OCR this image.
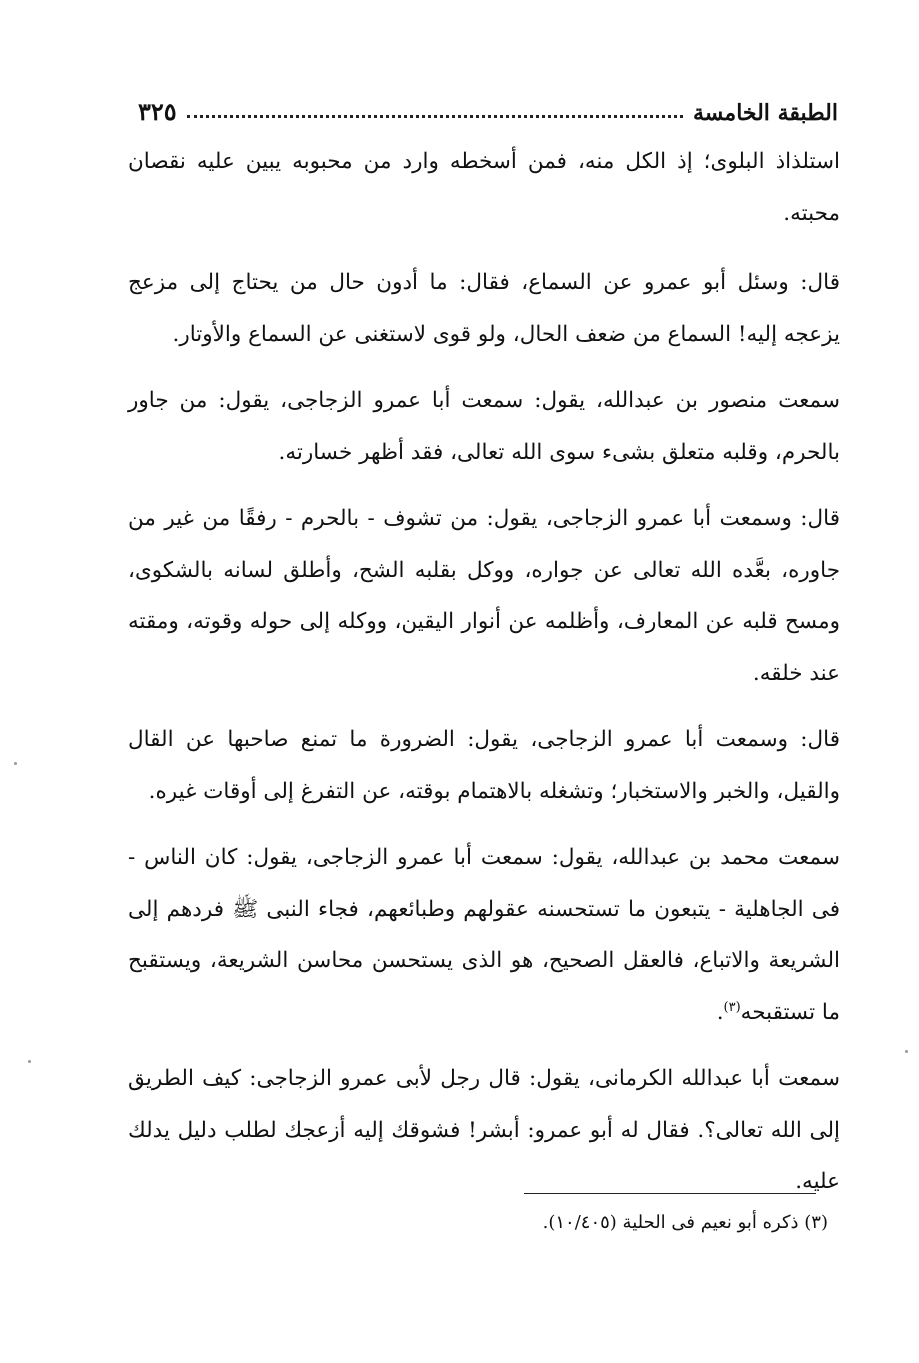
الطبقة الخامسة
٣٢٥

استلذاذ البلوى؛ إذ الكل منه، فمن أسخطه وارد من محبوبه يبين عليه نقصان محبته.

قال: وسئل أبو عمرو عن السماع، فقال: ما أدون حال من يحتاج إلى مزعج يزعجه إليه! السماع من ضعف الحال، ولو قوى لاستغنى عن السماع والأوتار.

سمعت منصور بن عبدالله، يقول: سمعت أبا عمرو الزجاجى، يقول: من جاور بالحرم، وقلبه متعلق بشىء سوى الله تعالى، فقد أظهر خسارته.

قال: وسمعت أبا عمرو الزجاجى، يقول: من تشوف - بالحرم - رفقًا من غير من جاوره، بعَّده الله تعالى عن جواره، ووكل بقلبه الشح، وأطلق لسانه بالشكوى، ومسح قلبه عن المعارف، وأظلمه عن أنوار اليقين، ووكله إلى حوله وقوته، ومقته عند خلقه.

قال: وسمعت أبا عمرو الزجاجى، يقول: الضرورة ما تمنع صاحبها عن القال والقيل، والخبر والاستخبار؛ وتشغله بالاهتمام بوقته، عن التفرغ إلى أوقات غيره.

سمعت محمد بن عبدالله، يقول: سمعت أبا عمرو الزجاجى، يقول: كان الناس - فى الجاهلية - يتبعون ما تستحسنه عقولهم وطبائعهم، فجاء النبى ﷺ فردهم إلى الشريعة والاتباع، فالعقل الصحيح، هو الذى يستحسن محاسن الشريعة، ويستقبح ما تستقبحه$^{(٣)}$.

سمعت أبا عبدالله الكرمانى، يقول: قال رجل لأبى عمرو الزجاجى: كيف الطريق إلى الله تعالى؟. فقال له أبو عمرو: أبشر! فشوقك إليه أزعجك لطلب دليل يدلك عليه.

(٣) ذكره أبو نعيم فى الحلية (١٠/٤٠٥).
